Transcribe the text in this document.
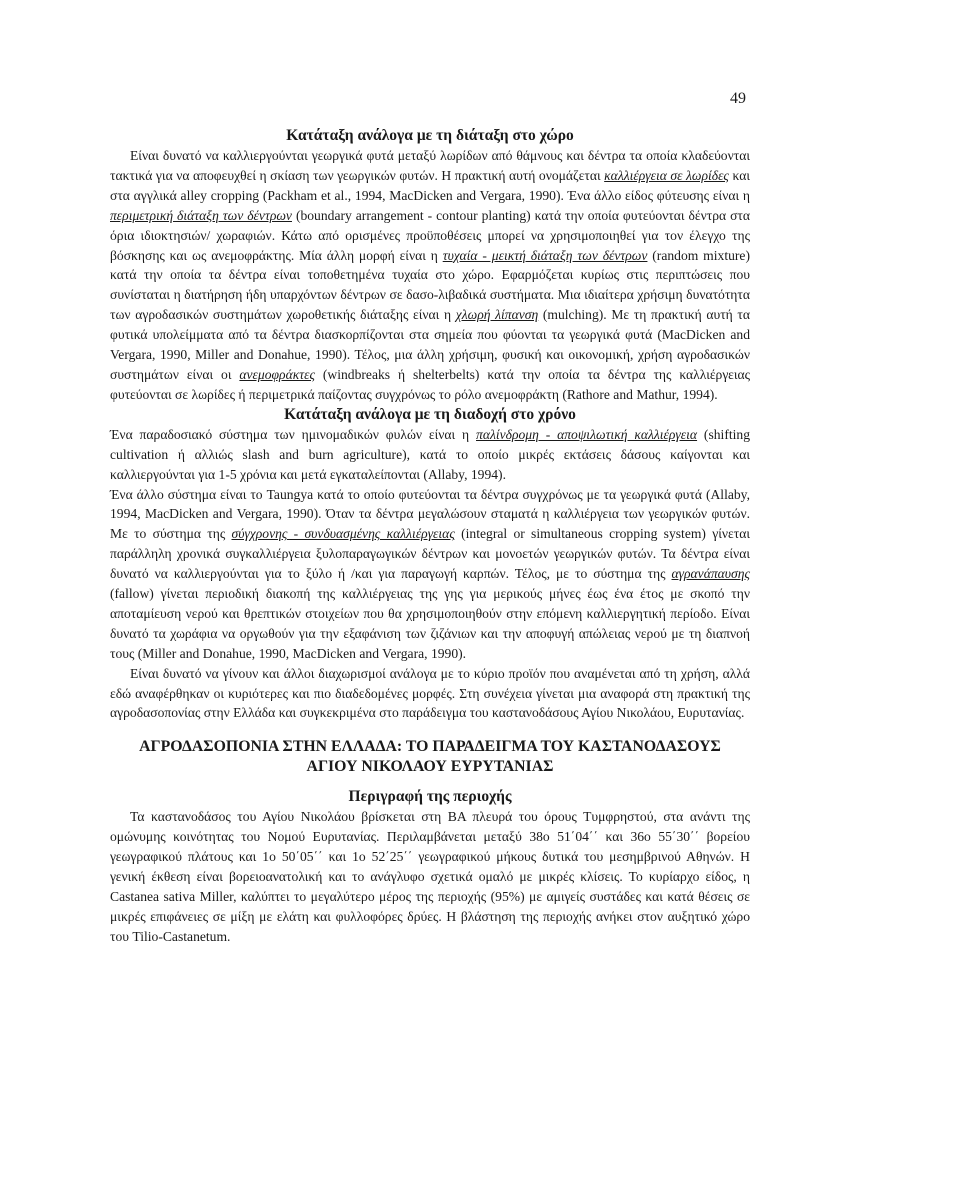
49
Κατάταξη ανάλογα με τη διάταξη στο χώρο

Είναι δυνατό να καλλιεργούνται γεωργικά φυτά μεταξύ λωρίδων από θάμνους και δέντρα τα οποία κλαδεύονται τακτικά για να αποφευχθεί η σκίαση των γεωργικών φυτών. Η πρακτική αυτή ονομάζεται καλλιέργεια σε λωρίδες και στα αγγλικά alley cropping (Packham et al., 1994, MacDicken and Vergara, 1990). Ένα άλλο είδος φύτευσης είναι η περιμετρική διάταξη των δέντρων (boundary arrangement - contour planting) κατά την οποία φυτεύονται δέντρα στα όρια ιδιοκτησιών/ χωραφιών. Κάτω από ορισμένες προϋποθέσεις μπορεί να χρησιμοποιηθεί για τον έλεγχο της βόσκησης και ως ανεμοφράκτης. Μία άλλη μορφή είναι η τυχαία - μεικτή διάταξη των δέντρων (random mixture) κατά την οποία τα δέντρα είναι τοποθετημένα τυχαία στο χώρο. Εφαρμόζεται κυρίως στις περιπτώσεις που συνίσταται η διατήρηση ήδη υπαρχόντων δέντρων σε δασο-λιβαδικά συστήματα. Μια ιδιαίτερα χρήσιμη δυνατότητα των αγροδασικών συστημάτων χωροθετικής διάταξης είναι η χλωρή λίπανση (mulching). Με τη πρακτική αυτή τα φυτικά υπολείμματα από τα δέντρα διασκορπίζονται στα σημεία που φύονται τα γεωργικά φυτά (MacDicken and Vergara, 1990, Miller and Donahue, 1990). Τέλος, μια άλλη χρήσιμη, φυσική και οικονομική, χρήση αγροδασικών συστημάτων είναι οι ανεμοφράκτες (windbreaks ή shelterbelts) κατά την οποία τα δέντρα της καλλιέργειας φυτεύονται σε λωρίδες ή περιμετρικά παίζοντας συγχρόνως το ρόλο ανεμοφράκτη (Rathore and Mathur, 1994).

Κατάταξη ανάλογα με τη διαδοχή στο χρόνο

Ένα παραδοσιακό σύστημα των ημινομαδικών φυλών είναι η παλίνδρομη - αποψιλωτική καλλιέργεια (shifting cultivation ή αλλιώς slash and burn agriculture), κατά το οποίο μικρές εκτάσεις δάσους καίγονται και καλλιεργούνται για 1-5 χρόνια και μετά εγκαταλείπονται (Allaby, 1994).

Ένα άλλο σύστημα είναι το Taungya κατά το οποίο φυτεύονται τα δέντρα συγχρόνως με τα γεωργικά φυτά (Allaby, 1994, MacDicken and Vergara, 1990). Όταν τα δέντρα μεγαλώσουν σταματά η καλλιέργεια των γεωργικών φυτών. Με το σύστημα της σύγχρονης - συνδυασμένης καλλιέργειας (integral or simultaneous cropping system) γίνεται παράλληλη χρονικά συγκαλλιέργεια ξυλοπαραγωγικών δέντρων και μονοετών γεωργικών φυτών. Τα δέντρα είναι δυνατό να καλλιεργούνται για το ξύλο ή /και για παραγωγή καρπών. Τέλος, με το σύστημα της αγρανάπαυσης (fallow) γίνεται περιοδική διακοπή της καλλιέργειας της γης για μερικούς μήνες έως ένα έτος με σκοπό την αποταμίευση νερού και θρεπτικών στοιχείων που θα χρησιμοποιηθούν στην επόμενη καλλιεργητική περίοδο. Είναι δυνατό τα χωράφια να οργωθούν για την εξαφάνιση των ζιζάνιων και την αποφυγή απώλειας νερού με τη διαπνοή τους (Miller and Donahue, 1990, MacDicken and Vergara, 1990).

Είναι δυνατό να γίνουν και άλλοι διαχωρισμοί ανάλογα με το κύριο προϊόν που αναμένεται από τη χρήση, αλλά εδώ αναφέρθηκαν οι κυριότερες και πιο διαδεδομένες μορφές. Στη συνέχεια γίνεται μια αναφορά στη πρακτική της αγροδασοπονίας στην Ελλάδα και συγκεκριμένα στο παράδειγμα του καστανοδάσους Αγίου Νικολάου, Ευρυτανίας.

ΑΓΡΟΔΑΣΟΠΟΝΙΑ ΣΤΗΝ ΕΛΛΑΔΑ: ΤΟ ΠΑΡΑΔΕΙΓΜΑ ΤΟΥ ΚΑΣΤΑΝΟΔΑΣΟΥΣ
ΑΓΙΟΥ ΝΙΚΟΛΑΟΥ ΕΥΡΥΤΑΝΙΑΣ
Περιγραφή της περιοχής

Τα καστανοδάσος του Αγίου Νικολάου βρίσκεται στη ΒΑ πλευρά του όρους Τυμφρηστού, στα ανάντι της ομώνυμης κοινότητας του Νομού Ευρυτανίας. Περιλαμβάνεται μεταξύ 38ο 51΄04΄΄ και 36ο 55΄30΄΄ βορείου γεωγραφικού πλάτους και 1ο 50΄05΄΄ και 1ο 52΄25΄΄ γεωγραφικού μήκους δυτικά του μεσημβρινού Αθηνών. Η γενική έκθεση είναι βορειοανατολική και το ανάγλυφο σχετικά ομαλό με μικρές κλίσεις. Το κυρίαρχο είδος, η Castanea sativa Miller, καλύπτει το μεγαλύτερο μέρος της περιοχής (95%) με αμιγείς συστάδες και κατά θέσεις σε μικρές επιφάνειες σε μίξη με ελάτη και φυλλοφόρες δρύες. Η βλάστηση της περιοχής ανήκει στον αυξητικό χώρο του Tilio-Castanetum.
